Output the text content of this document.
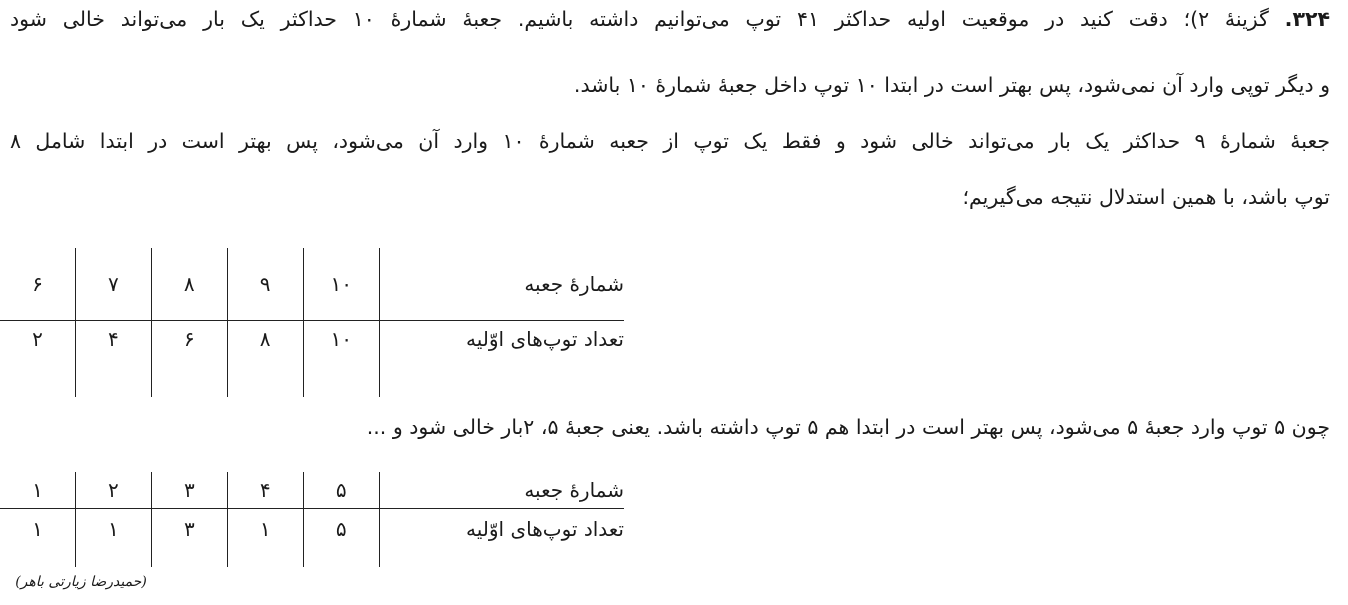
۳۲۴. گزینهٔ ۲)؛ دقت کنید در موقعیت اولیه حداکثر ۴۱ توپ می‌توانیم داشته باشیم. جعبهٔ شمارهٔ ۱۰ حداکثر یک بار می‌تواند خالی شود
و دیگر توپی وارد آن نمی‌شود، پس بهتر است در ابتدا ۱۰ توپ داخل جعبهٔ شمارهٔ ۱۰ باشد.
جعبهٔ شمارهٔ ۹ حداکثر یک بار می‌تواند خالی شود و فقط یک توپ از جعبه شمارهٔ ۱۰ وارد آن می‌شود، پس بهتر است در ابتدا شامل ۸
توپ باشد، با همین استدلال نتیجه می‌گیریم؛
شمارهٔ جعبه	۱۰	۹	۸	۷	۶
تعداد توپ‌های اوّلیه	۱۰	۸	۶	۴	۲
چون ۵ توپ وارد جعبهٔ ۵ می‌شود، پس بهتر است در ابتدا هم ۵ توپ داشته باشد. یعنی جعبهٔ ۵، ۲بار خالی شود و ...
شمارهٔ جعبه	۵	۴	۳	۲	۱
تعداد توپ‌های اوّلیه	۵	۱	۳	۱	۱
(حمیدرضا زیارتی باهر)
